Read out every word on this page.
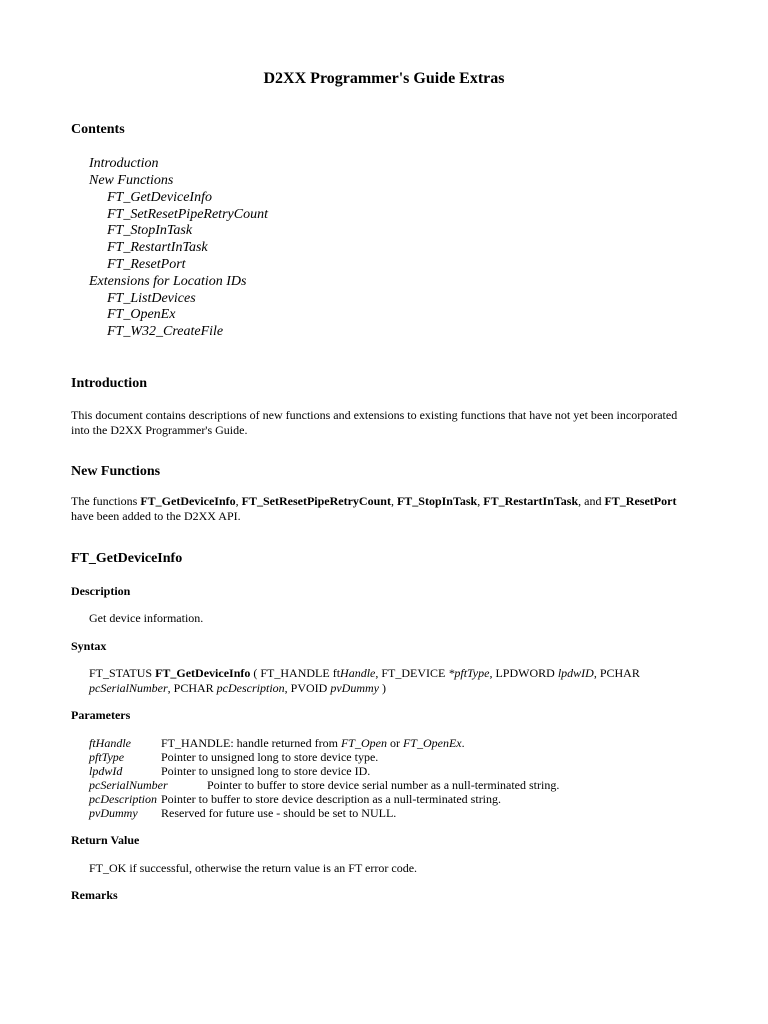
D2XX Programmer's Guide Extras
Contents
Introduction
New Functions
FT_GetDeviceInfo
FT_SetResetPipeRetryCount
FT_StopInTask
FT_RestartInTask
FT_ResetPort
Extensions for Location IDs
FT_ListDevices
FT_OpenEx
FT_W32_CreateFile
Introduction
This document contains descriptions of new functions and extensions to existing functions that have not yet been incorporated into the D2XX Programmer's Guide.
New Functions
The functions FT_GetDeviceInfo, FT_SetResetPipeRetryCount, FT_StopInTask, FT_RestartInTask, and FT_ResetPort have been added to the D2XX API.
FT_GetDeviceInfo
Description
Get device information.
Syntax
FT_STATUS FT_GetDeviceInfo ( FT_HANDLE ftHandle, FT_DEVICE *pftType, LPDWORD lpdwID, PCHAR pcSerialNumber, PCHAR pcDescription, PVOID pvDummy )
Parameters
ftHandle	FT_HANDLE: handle returned from FT_Open or FT_OpenEx.
pftType	Pointer to unsigned long to store device type.
lpdwId	Pointer to unsigned long to store device ID.
pcSerialNumber	Pointer to buffer to store device serial number as a null-terminated string.
pcDescription Pointer to buffer to store device description as a null-terminated string.
pvDummy Reserved for future use - should be set to NULL.
Return Value
FT_OK if successful, otherwise the return value is an FT error code.
Remarks
